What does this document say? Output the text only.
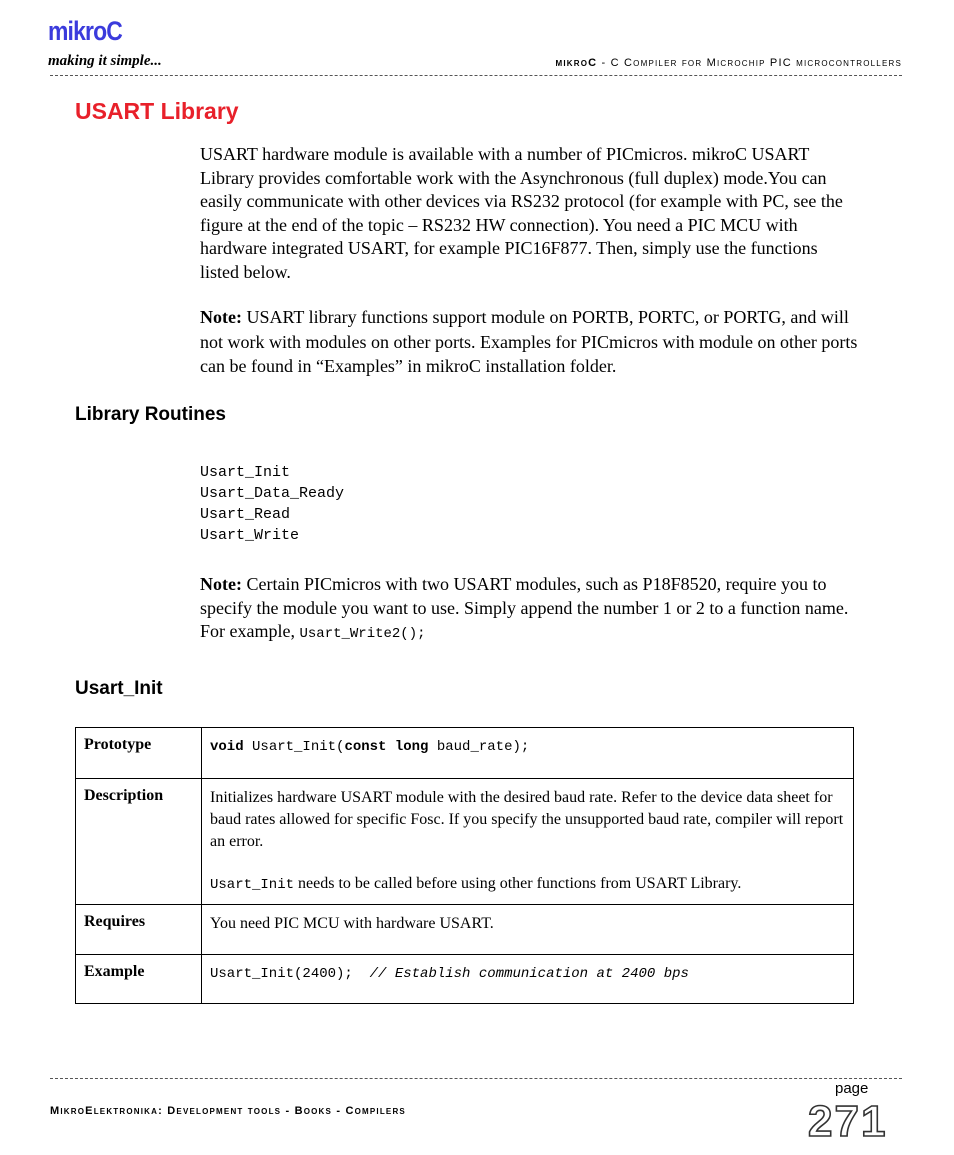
mikroC
making it simple...	mikroC - C Compiler for Microchip PIC microcontrollers
USART Library
USART hardware module is available with a number of PICmicros. mikroC USART Library provides comfortable work with the Asynchronous (full duplex) mode.You can easily communicate with other devices via RS232 protocol (for example with PC, see the figure at the end of the topic – RS232 HW connection). You need a PIC MCU with hardware integrated USART, for example PIC16F877. Then, simply use the functions listed below.
Note: USART library functions support module on PORTB, PORTC, or PORTG, and will not work with modules on other ports. Examples for PICmicros with module on other ports can be found in “Examples” in mikroC installation folder.
Library Routines
Usart_Init
Usart_Data_Ready
Usart_Read
Usart_Write
Note: Certain PICmicros with two USART modules, such as P18F8520, require you to specify the module you want to use. Simply append the number 1 or 2 to a function name. For example, Usart_Write2();
Usart_Init
Prototype	void Usart_Init(const long baud_rate);
Description	Initializes hardware USART module with the desired baud rate. Refer to the device data sheet for baud rates allowed for specific Fosc. If you specify the unsupported baud rate, compiler will report an error.
Usart_Init needs to be called before using other functions from USART Library.

Requires	You need PIC MCU with hardware USART.
Example	Usart_Init(2400);  // Establish communication at 2400 bps
MikroElektronika: Development tools - Books - Compilers
page
271
